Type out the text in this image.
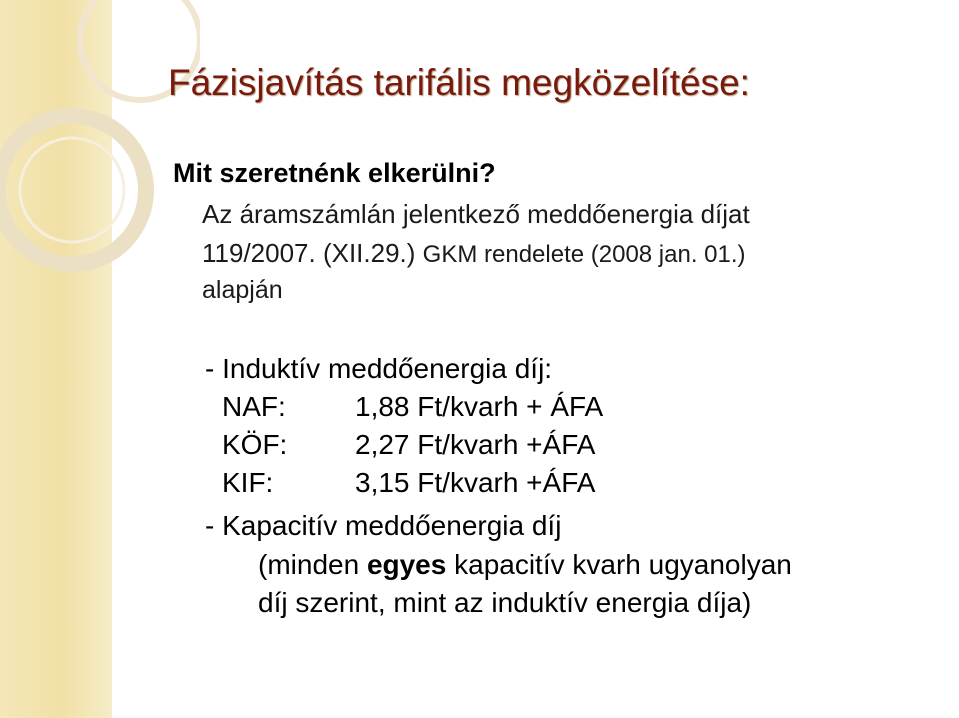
Fázisjavítás tarifális megközelítése:
Mit szeretnénk elkerülni?
Az áramszámlán jelentkező meddőenergia díjat
119/2007. (XII.29.) GKM rendelete (2008 jan. 01.)
alapján
- Induktív meddőenergia díj:
NAF: 1,88 Ft/kvarh + ÁFA
KÖF: 2,27 Ft/kvarh +ÁFA
KIF:	3,15 Ft/kvarh +ÁFA
- Kapacitív meddőenergia díj
(minden egyes kapacitív kvarh ugyanolyan
díj szerint, mint az induktív energia díja)
